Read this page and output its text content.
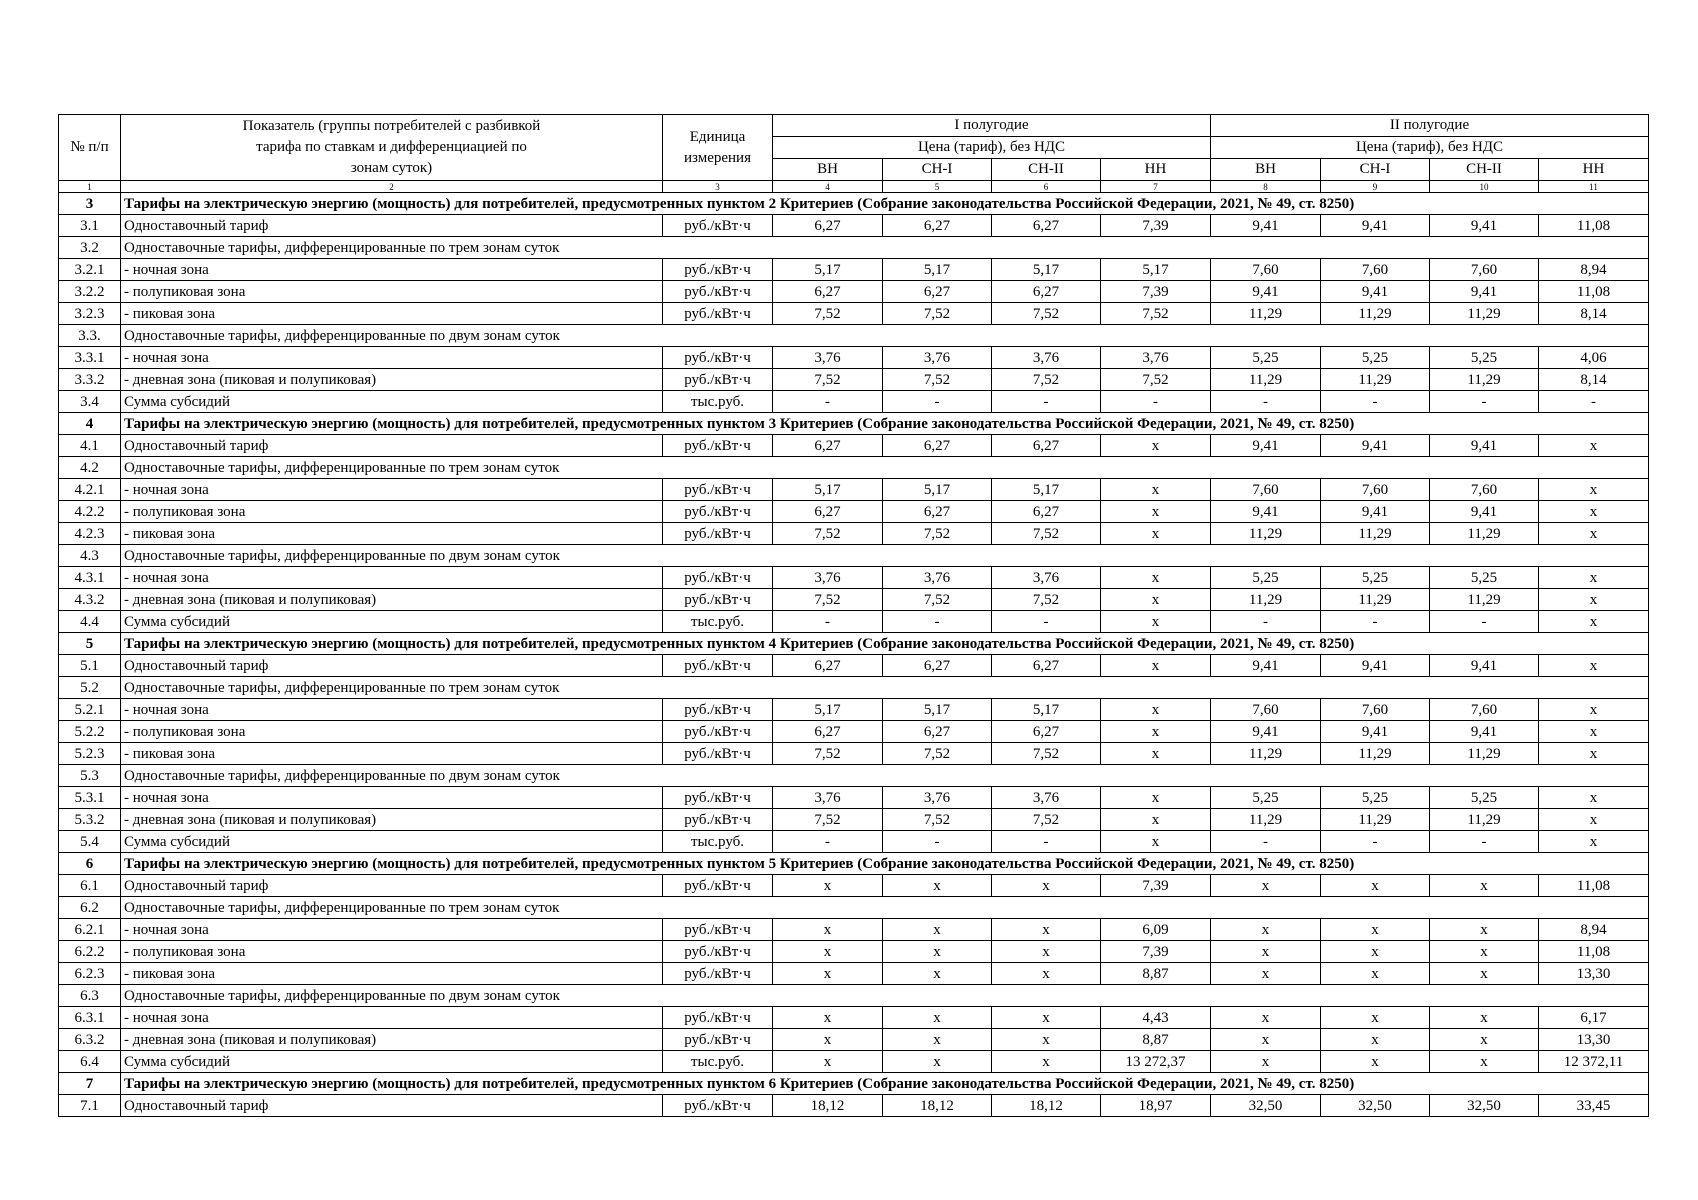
№ п/п	Показатель (группы потребителей с разбивкой тарифа по ставкам и дифференциацией по зонам суток)	Единица измерения	I полугодие				II полугодие			
			Цена (тариф), без НДС				Цена (тариф), без НДС			
			ВН	СН-I	СН-II	НН	ВН	СН-I	СН-II	НН
1	2	3	4	5	6	7	8	9	10	11
3	Тарифы на электрическую энергию (мощность) для потребителей, предусмотренных пунктом 2 Критериев (Собрание законодательства Российской Федерации, 2021, № 49, ст. 8250)									
3.1	Одноставочный тариф	руб./кВт·ч	6,27	6,27	6,27	7,39	9,41	9,41	9,41	11,08
3.2	Одноставочные тарифы, дифференцированные по трем зонам суток									
3.2.1	- ночная зона	руб./кВт·ч	5,17	5,17	5,17	5,17	7,60	7,60	7,60	8,94
3.2.2	- полупиковая зона	руб./кВт·ч	6,27	6,27	6,27	7,39	9,41	9,41	9,41	11,08
3.2.3	- пиковая зона	руб./кВт·ч	7,52	7,52	7,52	7,52	11,29	11,29	11,29	8,14
3.3.	Одноставочные тарифы, дифференцированные по двум зонам суток									
3.3.1	- ночная зона	руб./кВт·ч	3,76	3,76	3,76	3,76	5,25	5,25	5,25	4,06
3.3.2	- дневная зона (пиковая и полупиковая)	руб./кВт·ч	7,52	7,52	7,52	7,52	11,29	11,29	11,29	8,14
3.4	Сумма субсидий	тыс.руб.	-	-	-	-	-	-	-	-
4	Тарифы на электрическую энергию (мощность) для потребителей, предусмотренных пунктом 3 Критериев (Собрание законодательства Российской Федерации, 2021, № 49, ст. 8250)									
4.1	Одноставочный тариф	руб./кВт·ч	6,27	6,27	6,27	x	9,41	9,41	9,41	x
4.2	Одноставочные тарифы, дифференцированные по трем зонам суток									
4.2.1	- ночная зона	руб./кВт·ч	5,17	5,17	5,17	x	7,60	7,60	7,60	x
4.2.2	- полупиковая зона	руб./кВт·ч	6,27	6,27	6,27	x	9,41	9,41	9,41	x
4.2.3	- пиковая зона	руб./кВт·ч	7,52	7,52	7,52	x	11,29	11,29	11,29	x
4.3	Одноставочные тарифы, дифференцированные по двум зонам суток									
4.3.1	- ночная зона	руб./кВт·ч	3,76	3,76	3,76	x	5,25	5,25	5,25	x
4.3.2	- дневная зона (пиковая и полупиковая)	руб./кВт·ч	7,52	7,52	7,52	x	11,29	11,29	11,29	x
4.4	Сумма субсидий	тыс.руб.	-	-	-	x	-	-	-	x
5	Тарифы на электрическую энергию (мощность) для потребителей, предусмотренных пунктом 4 Критериев (Собрание законодательства Российской Федерации, 2021, № 49, ст. 8250)									
5.1	Одноставочный тариф	руб./кВт·ч	6,27	6,27	6,27	x	9,41	9,41	9,41	x
5.2	Одноставочные тарифы, дифференцированные по трем зонам суток									
5.2.1	- ночная зона	руб./кВт·ч	5,17	5,17	5,17	x	7,60	7,60	7,60	x
5.2.2	- полупиковая зона	руб./кВт·ч	6,27	6,27	6,27	x	9,41	9,41	9,41	x
5.2.3	- пиковая зона	руб./кВт·ч	7,52	7,52	7,52	x	11,29	11,29	11,29	x
5.3	Одноставочные тарифы, дифференцированные по двум зонам суток									
5.3.1	- ночная зона	руб./кВт·ч	3,76	3,76	3,76	x	5,25	5,25	5,25	x
5.3.2	- дневная зона (пиковая и полупиковая)	руб./кВт·ч	7,52	7,52	7,52	x	11,29	11,29	11,29	x
5.4	Сумма субсидий	тыс.руб.	-	-	-	x	-	-	-	x
6	Тарифы на электрическую энергию (мощность) для потребителей, предусмотренных пунктом 5 Критериев (Собрание законодательства Российской Федерации, 2021, № 49, ст. 8250)									
6.1	Одноставочный тариф	руб./кВт·ч	x	x	x	7,39	x	x	x	11,08
6.2	Одноставочные тарифы, дифференцированные по трем зонам суток									
6.2.1	- ночная зона	руб./кВт·ч	x	x	x	6,09	x	x	x	8,94
6.2.2	- полупиковая зона	руб./кВт·ч	x	x	x	7,39	x	x	x	11,08
6.2.3	- пиковая зона	руб./кВт·ч	x	x	x	8,87	x	x	x	13,30
6.3	Одноставочные тарифы, дифференцированные по двум зонам суток									
6.3.1	- ночная зона	руб./кВт·ч	x	x	x	4,43	x	x	x	6,17
6.3.2	- дневная зона (пиковая и полупиковая)	руб./кВт·ч	x	x	x	8,87	x	x	x	13,30
6.4	Сумма субсидий	тыс.руб.	x	x	x	13 272,37	x	x	x	12 372,11
7	Тарифы на электрическую энергию (мощность) для потребителей, предусмотренных пунктом 6 Критериев (Собрание законодательства Российской Федерации, 2021, № 49, ст. 8250)									
7.1	Одноставочный тариф	руб./кВт·ч	18,12	18,12	18,12	18,97	32,50	32,50	32,50	33,45
